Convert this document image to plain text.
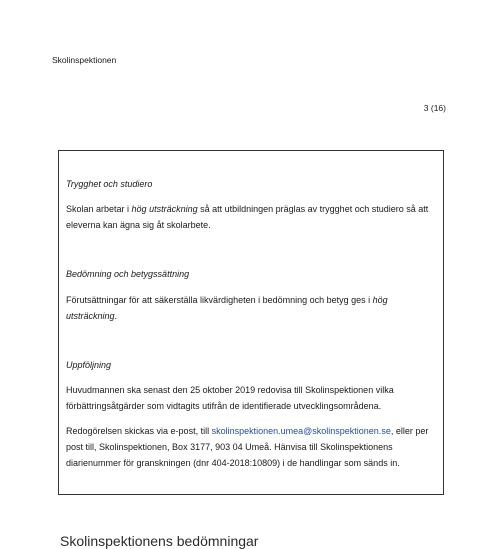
Skolinspektionen
3 (16)
Trygghet och studiero
Skolan arbetar i hög utsträckning så att utbildningen präglas av trygghet och studiero så att eleverna kan ägna sig åt skolarbete.
Bedömning och betygssättning
Förutsättningar för att säkerställa likvärdigheten i bedömning och betyg ges i hög utsträckning.
Uppföljning
Huvudmannen ska senast den 25 oktober 2019 redovisa till Skolinspektionen vilka förbättringsåtgärder som vidtagits utifrån de identifierade utvecklingsområdena.
Redogörelsen skickas via e-post, till skolinspektionen.umea@skolinspektionen.se, eller per post till, Skolinspektionen, Box 3177, 903 04 Umeå. Hänvisa till Skolinspektionens diarienummer för granskningen (dnr 404-2018:10809) i de handlingar som sänds in.
Skolinspektionens bedömningar
